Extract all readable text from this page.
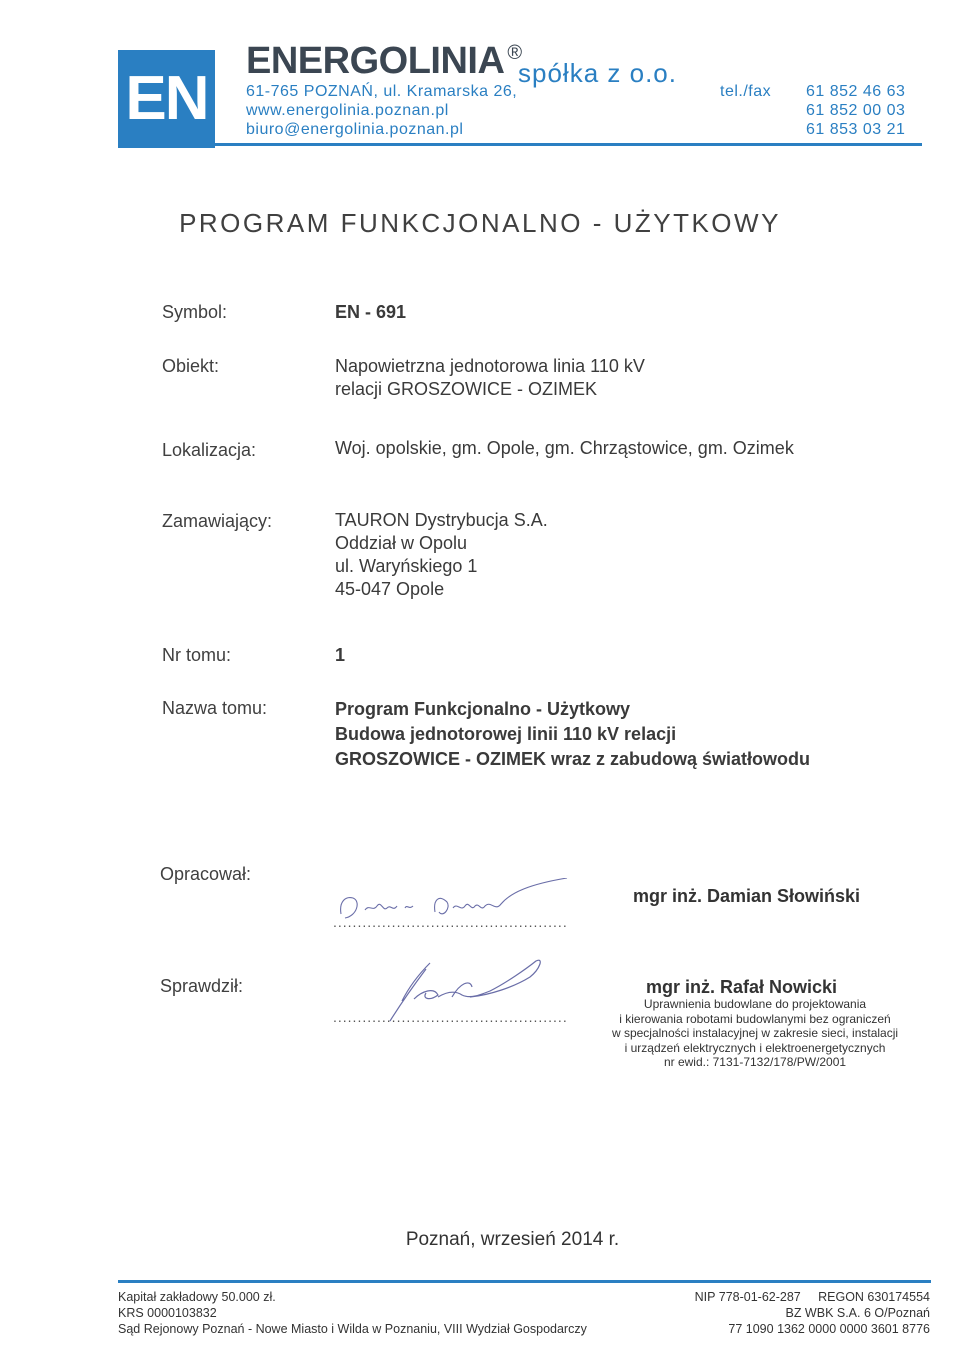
EN
ENERGOLINIA ®
spółka z o.o.
61-765 POZNAŃ, ul. Kramarska 26,
www.energolinia.poznan.pl
biuro@energolinia.poznan.pl
tel./fax 61 852 46 63
61 852 00 03
61 853 03 21
PROGRAM FUNKCJONALNO - UŻYTKOWY
Symbol:	EN - 691
Obiekt:	Napowietrzna jednotorowa linia 110 kV
relacji GROSZOWICE - OZIMEK
Lokalizacja:	Woj. opolskie, gm. Opole, gm. Chrząstowice, gm. Ozimek
Zamawiający:	TAURON Dystrybucja S.A.
Oddział w Opolu
ul. Waryńskiego 1
45-047 Opole
Nr tomu:	1
Nazwa tomu:	Program Funkcjonalno - Użytkowy
Budowa jednotorowej linii 110 kV relacji
GROSZOWICE - OZIMEK wraz z zabudową światłowodu
Opracował:
................................................
mgr inż. Damian Słowiński
Sprawdził:
................................................
mgr inż. Rafał Nowicki
Uprawnienia budowlane do projektowania
i kierowania robotami budowlanymi bez ograniczeń
w specjalności instalacyjnej w zakresie sieci, instalacji
i urządzeń elektrycznych i elektroenergetycznych
nr ewid.: 7131-7132/178/PW/2001
Poznań, wrzesień 2014 r.
Kapitał zakładowy 50.000 zł.
KRS 0000103832
Sąd Rejonowy Poznań - Nowe Miasto i Wilda w Poznaniu, VIII Wydział Gospodarczy
NIP 778-01-62-287     REGON 630174554
BZ WBK S.A. 6 O/Poznań
77 1090 1362 0000 0000 3601 8776
